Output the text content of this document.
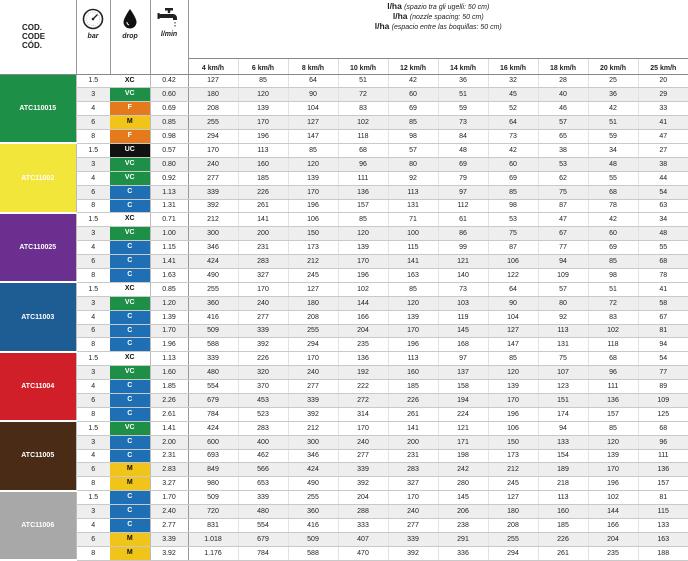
COD.
CODE
CÓD.	bar	drop	l/min	l/ha (spazio tra gli ugelli: 50 cm)
l/ha (nozzle spacing: 50 cm)
l/ha (espacio entre las boquillas: 50 cm)									
				4 km/h	6 km/h	8 km/h	10 km/h	12 km/h	14 km/h	16 km/h	18 km/h	20 km/h	25 km/h
ATC110015	1.5	XC	0.42	127	85	64	51	42	36	32	28	25	20
	3	VC	0.60	180	120	90	72	60	51	45	40	36	29
	4	F	0.69	208	139	104	83	69	59	52	46	42	33
	6	M	0.85	255	170	127	102	85	73	64	57	51	41
	8	F	0.98	294	196	147	118	98	84	73	65	59	47
ATC11002	1.5	UC	0.57	170	113	85	68	57	48	42	38	34	27
	3	VC	0.80	240	160	120	96	80	69	60	53	48	38
	4	VC	0.92	277	185	139	111	92	79	69	62	55	44
	6	C	1.13	339	226	170	136	113	97	85	75	68	54
	8	C	1.31	392	261	196	157	131	112	98	87	78	63
ATC110025	1.5	XC	0.71	212	141	106	85	71	61	53	47	42	34
	3	VC	1.00	300	200	150	120	100	86	75	67	60	48
	4	C	1.15	346	231	173	139	115	99	87	77	69	55
	6	C	1.41	424	283	212	170	141	121	106	94	85	68
	8	C	1.63	490	327	245	196	163	140	122	109	98	78
ATC11003	1.5	XC	0.85	255	170	127	102	85	73	64	57	51	41
	3	VC	1.20	360	240	180	144	120	103	90	80	72	58
	4	C	1.39	416	277	208	166	139	119	104	92	83	67
	6	C	1.70	509	339	255	204	170	145	127	113	102	81
	8	C	1.96	588	392	294	235	196	168	147	131	118	94
ATC11004	1.5	XC	1.13	339	226	170	136	113	97	85	75	68	54
	3	VC	1.60	480	320	240	192	160	137	120	107	96	77
	4	C	1.85	554	370	277	222	185	158	139	123	111	89
	6	C	2.26	679	453	339	272	226	194	170	151	136	109
	8	C	2.61	784	523	392	314	261	224	196	174	157	125
ATC11005	1.5	VC	1.41	424	283	212	170	141	121	106	94	85	68
	3	C	2.00	600	400	300	240	200	171	150	133	120	96
	4	C	2.31	693	462	346	277	231	198	173	154	139	111
	6	M	2.83	849	566	424	339	283	242	212	189	170	136
	8	M	3.27	980	653	490	392	327	280	245	218	196	157
ATC11006	1.5	C	1.70	509	339	255	204	170	145	127	113	102	81
	3	C	2.40	720	480	360	288	240	206	180	160	144	115
	4	C	2.77	831	554	416	333	277	238	208	185	166	133
	6	M	3.39	1.018	679	509	407	339	291	255	226	204	163
	8	M	3.92	1.176	784	588	470	392	336	294	261	235	188
